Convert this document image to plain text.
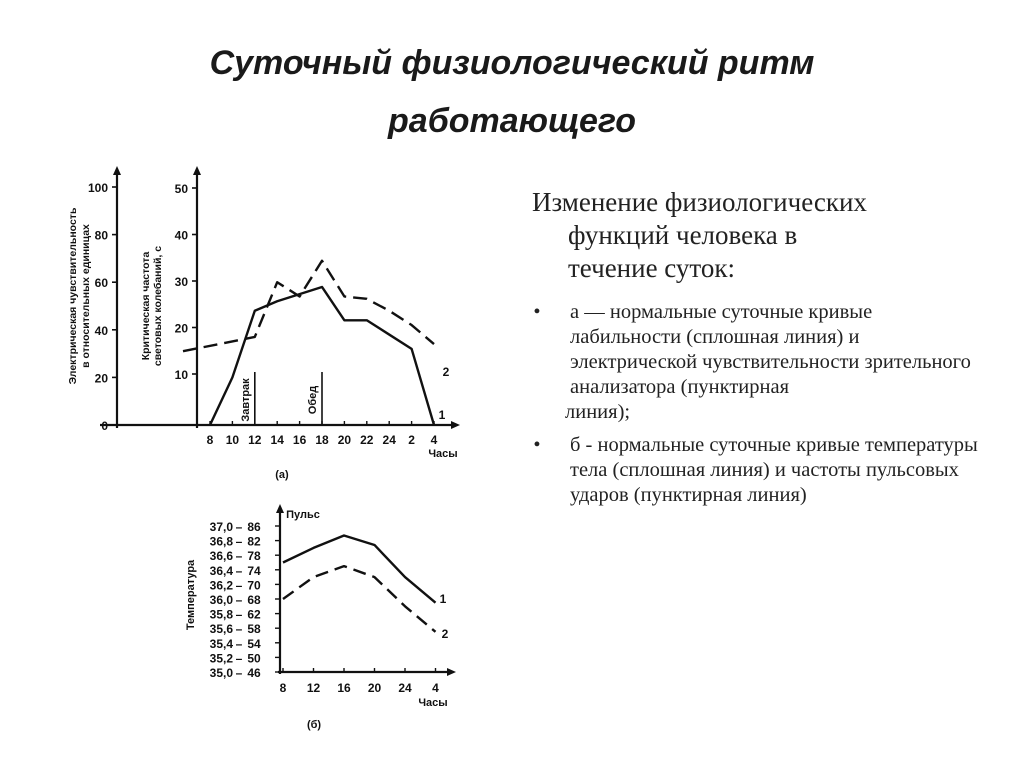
Суточный физиологический ритм
работающего
Изменение физиологических
функций человека в
течение суток:
•	а — нормальные суточные кривые лабильности (сплошная линия) и электрической чувствительности зрительного анализатора (пунктирная
линия);
•	б - нормальные суточные кривые температуры тела (сплошная линия) и частоты пульсовых ударов (пунктирная линия)
0
20
40
60
80
100
10
20
30
40
50
8 10 12 14 16 18 20 22 24 2 4
Часы
(а)
Электрическая чувствительность в относительных единицах	Критическая частота световых колебаний, с
Завтрак	Обед
1
2
35,0 46
–
35,2 50
–
35,4 54
–
35,6 58
–
35,8 62
–
36,0 68
–
36,2 70
–
36,4 74
–
36,6 78
–
36,8 82
–
37,0 86
–
Пульс
Температура
8 12 16 20 24 4
Часы
(б)
1
2
